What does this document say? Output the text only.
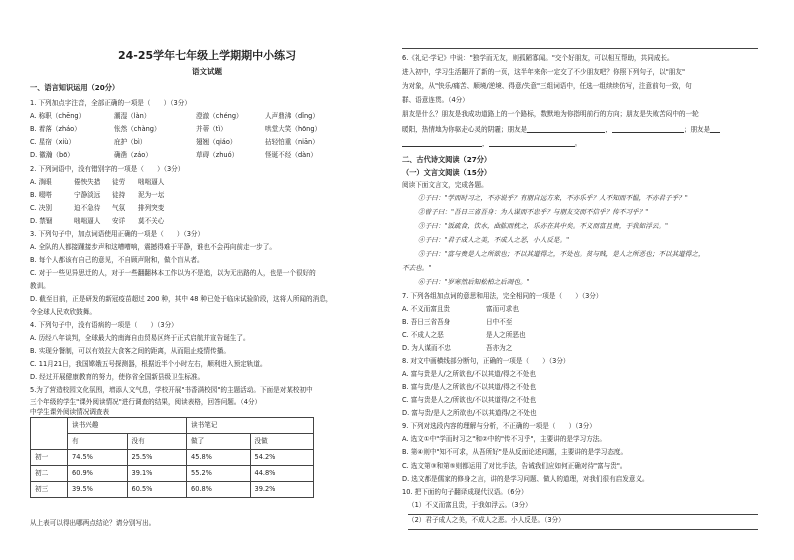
24-25学年七年级上学期期中小练习
语文试题
一、语言知识运用（20分）
1. 下列加点字注音，全部正确的一项是（　　）（3分）
A. 称职（chēng）	潮湿（làn）	澄澈（chéng）	人声鼎沸（dǐng）
B. 着落（zháo）	怅然（chàng）	并蒂（tì）	哄堂大笑（hōng）
C. 星宿（xiù）	庇护（bì）	翅翘（qiáo）	拈轻怕重（niān）
D. 徽瀚（bō）	确凿（záo）	草碍（zhuó）	怪诞不经（dàn）
2. 下列词语中，没有错别字的一项是（　　）（3分）
A. 淌眼	倦怏失措 徒劳 咄咄逼人
B. 啜嗒	宁静淡远 徒持 泥为一坛
C. 决别	迫不急待 气氛 排列突变
D. 禁锢	咄咄逼人 安详 莫不关心
3. 下列句子中，加点词语使用正确的一项是（　　）（3分）
A. 全队的人都接踵接步声和这嘈嘈响，震撼得难于平静，谁也不会再向前走一步了。
B. 每个人都该有自己的意见，不自顾声附和，做个盲从者。
C. 对于一些见异思迁的人，对于一些翻翻林本工作以为不是追，以为无出路的人，也是一个很好的
教训。
D. 截至目前，正是研发的新冠疫苗超过 200 种，其中 48 种已处于临床试验阶段，这将人所闻的消息，
令全球人民欢欣鼓舞。
4. 下列句子中，没有语病的一项是（　　）（3分）
A. 历经八年谈判，全球最大的南海自由贸易区终于正式启航并宣告诞生了。
B. 实现分餐制，可以有效拉大食客之间的距离，从而阻止疫情传播。
C. 11月21日，我国嫦娥五号探测器，根据近半个小时左右，顺利进入预定轨道。
D. 经过开展健康教育的努力，使你省全国新县级卫生标准。
5.为了营造校园文化氛围，增添人文气息，学校开展"书香满校园"的主题活动。下面是对某校初中
三个年级的学生"课外阅读情况"进行调查的结果，阅读表格，回答问题。（4分）
中学生课外阅读情况调查表
	读书兴趣		读书笔记	
	有	没有	做了	没做
初一	74.5%	25.5%	45.8%	54.2%
初二	60.9%	39.1%	55.2%	44.8%
初三	39.5%	60.5%	60.8%	39.2%
从上表可以得出哪两点结论？请分别写出。
6.《礼记·学记》中说："独学而无友，则孤陋寡闻。"交个好朋友，可以相互帮助，共同成长。
进入初中，学习生活翻开了新的一页，这半年来你一定交了不少朋友吧？你照下列句子，以"朋友"
为对象，从"快乐/痛苦、顺境/逆境、得意/失意"三组词语中，任选一组续续仿写，注意前句一致，句
群、语意连贯。（4分）
朋友是什么？朋友是我成功道路上的一个路标，数默地为你指明前行的方向；朋友是失败苦闷中的一轮
暖阳，热情地为你驱走心灵的阴霾；朋友是	，	；朋友是
，	。
二、古代诗文阅读（27分）
（一）文言文阅读（15分）
阅读下面文言文，完成各题。
①子曰："学而时习之，不亦说乎？有朋自远方来，不亦乐乎？人不知而不愠，不亦君子乎？"
②曾子曰："吾日三省吾身：为人谋而不忠乎？与朋友交而不信乎？传不习乎？"
③子曰："饭疏食，饮水，曲肱而枕之，乐亦在其中矣。不义而富且贵，于我如浮云。"
④子曰："君子成人之美，不成人之恶，小人反是。"
⑤子曰："富与贵是人之所欲也；不以其道得之，不处也。贫与贱，是人之所恶也；不以其道得之，
不去也。"
⑥子曰："岁寒然后知松柏之后凋也。"
7. 下列各组加点词的意思和用法，完全相同的一项是（　　）（3分）
A. 不义而富且贵	富而可求也
B. 吾日三省吾身	日中不至
C. 不成人之恶	是人之所恶也
D. 为人谋而不忠	吾亦为之
8. 对文中画横线部分断句，正确的一项是（　　）（3分）
A. 富与贵是人/之所欲也/不以其道/得之不处也
B. 富与贵/是人之所欲也/不以其道/得之不处也
C. 富与贵是人之/所欲也/不以其道得/之不处也
D. 富与贵/是人之所欲也/不以其道得/之不处也
9. 下列对选段内容的理解与分析，不正确的一项是（　　）（3分）
A. 选文①中"学而时习之"和②中的"传不习乎"，主要讲的是学习方法。
B. 第④则中"知不可求，从吾所好"是从反面论述问题，主要讲的是学习态度。
C. 选文第③和第⑤则都运用了对比手法，告诫我们应如何正确对待"富与贵"。
D. 选文都是儒家的修身之言，讲的是学习问题、做人的道理，对我们很有启发意义。
10. 把下面的句子翻译成现代汉语。（6分）
（1）不义而富且贵，于我如浮云。（3分）
（2）君子成人之美，不成人之恶。小人反是。（3分）
